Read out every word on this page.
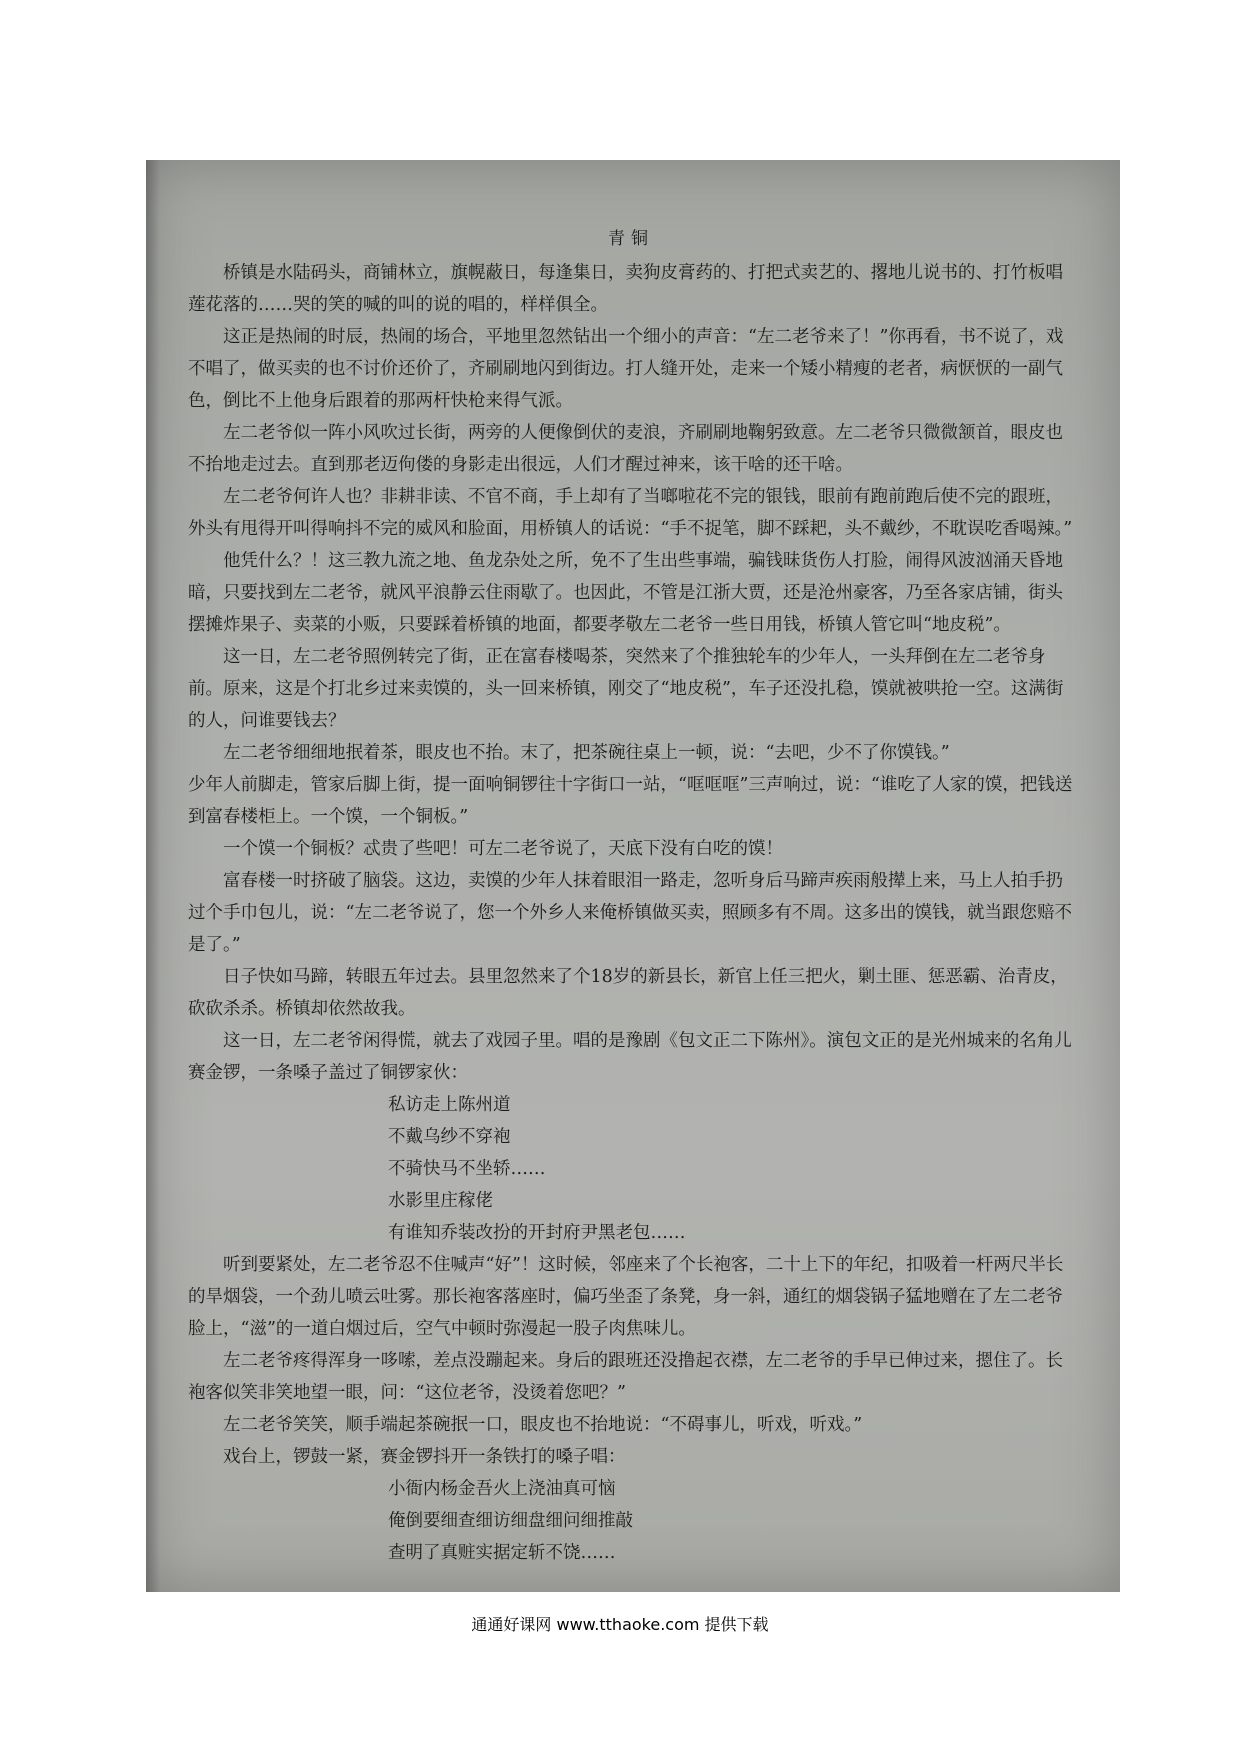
青铜

桥镇是水陆码头，商铺林立，旗幌蔽日，每逢集日，卖狗皮膏药的、打把式卖艺的、撂地儿说书的、打竹板唱莲花落的……哭的笑的喊的叫的说的唱的，样样俱全。

这正是热闹的时辰，热闹的场合，平地里忽然钻出一个细小的声音：“左二老爷来了！”你再看，书不说了，戏不唱了，做买卖的也不讨价还价了，齐刷刷地闪到街边。打人缝开处，走来一个矮小精瘦的老者，病恹恹的一副气色，倒比不上他身后跟着的那两杆快枪来得气派。

左二老爷似一阵小风吹过长街，两旁的人便像倒伏的麦浪，齐刷刷地鞠躬致意。左二老爷只微微颔首，眼皮也不抬地走过去。直到那老迈佝偻的身影走出很远，人们才醒过神来，该干啥的还干啥。

左二老爷何许人也？非耕非读、不官不商，手上却有了当啷啦花不完的银钱，眼前有跑前跑后使不完的跟班，外头有甩得开叫得响抖不完的威风和脸面，用桥镇人的话说：“手不捉笔，脚不踩耙，头不戴纱，不耽误吃香喝辣。”

他凭什么？！这三教九流之地、鱼龙杂处之所，免不了生出些事端，骗钱昧货伤人打脸，闹得风波汹涌天昏地暗，只要找到左二老爷，就风平浪静云住雨歇了。也因此，不管是江浙大贾，还是沧州豪客，乃至各家店铺，街头摆摊炸果子、卖菜的小贩，只要踩着桥镇的地面，都要孝敬左二老爷一些日用钱，桥镇人管它叫“地皮税”。

这一日，左二老爷照例转完了街，正在富春楼喝茶，突然来了个推独轮车的少年人，一头拜倒在左二老爷身前。原来，这是个打北乡过来卖馍的，头一回来桥镇，刚交了“地皮税”，车子还没扎稳，馍就被哄抢一空。这满街的人，问谁要钱去？

左二老爷细细地抿着茶，眼皮也不抬。末了，把茶碗往桌上一顿，说：“去吧，少不了你馍钱。”

少年人前脚走，管家后脚上街，提一面响铜锣往十字街口一站，“哐哐哐”三声响过，说：“谁吃了人家的馍，把钱送到富春楼柜上。一个馍，一个铜板。”

一个馍一个铜板？忒贵了些吧！可左二老爷说了，天底下没有白吃的馍！

富春楼一时挤破了脑袋。这边，卖馍的少年人抹着眼泪一路走，忽听身后马蹄声疾雨般撵上来，马上人拍手扔过个手巾包儿，说：“左二老爷说了，您一个外乡人来俺桥镇做买卖，照顾多有不周。这多出的馍钱，就当跟您赔不是了。”

日子快如马蹄，转眼五年过去。县里忽然来了个18岁的新县长，新官上任三把火，剿土匪、惩恶霸、治青皮，砍砍杀杀。桥镇却依然故我。

这一日，左二老爷闲得慌，就去了戏园子里。唱的是豫剧《包文正二下陈州》。演包文正的是光州城来的名角儿赛金锣，一条嗓子盖过了铜锣家伙：

私访走上陈州道
不戴乌纱不穿袍
不骑快马不坐轿……
水影里庄稼佬
有谁知乔装改扮的开封府尹黑老包……

听到要紧处，左二老爷忍不住喊声“好”！这时候，邻座来了个长袍客，二十上下的年纪，扣吸着一杆两尺半长的旱烟袋，一个劲儿喷云吐雾。那长袍客落座时，偏巧坐歪了条凳，身一斜，通红的烟袋锅子猛地赠在了左二老爷脸上，“滋”的一道白烟过后，空气中顿时弥漫起一股子肉焦味儿。

左二老爷疼得浑身一哆嗦，差点没蹦起来。身后的跟班还没撸起衣襟，左二老爷的手早已伸过来，摁住了。长袍客似笑非笑地望一眼，问：“这位老爷，没烫着您吧？”

左二老爷笑笑，顺手端起茶碗抿一口，眼皮也不抬地说：“不碍事儿，听戏，听戏。”

戏台上，锣鼓一紧，赛金锣抖开一条铁打的嗓子唱：

小衙内杨金吾火上浇油真可恼
俺倒要细查细访细盘细问细推敲
查明了真赃实据定斩不饶……
通通好课网 www.tthaoke.com 提供下载
